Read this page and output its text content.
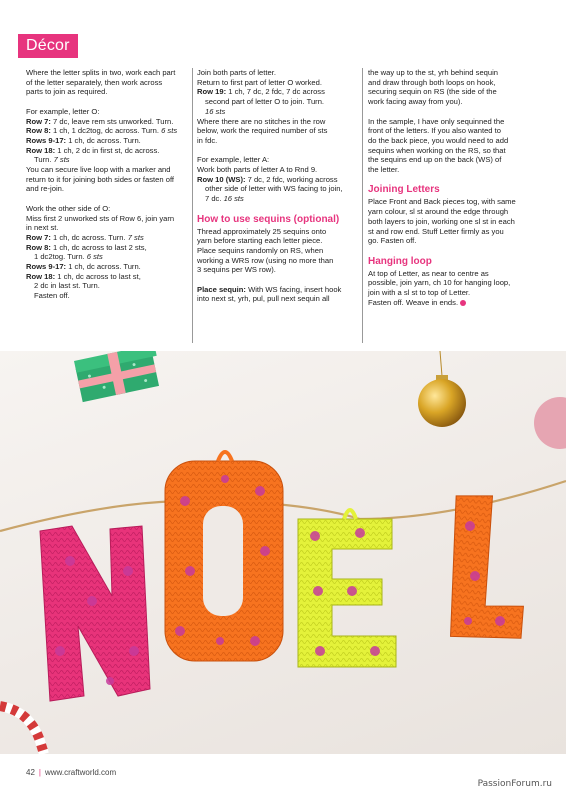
Décor
Where the letter splits in two, work each part
of the letter separately, then work across
parts to join as required.
For example, letter O:
Row 7: 7 dc, leave rem sts unworked. Turn.
Row 8: 1 ch, 1 dc2tog, dc across. Turn. 6 sts
Rows 9-17: 1 ch, dc across. Turn.
Row 18: 1 ch, 2 dc in first st, dc across.
Turn. 7 sts
You can secure live loop with a marker and
return to it for joining both sides or fasten off
and re-join.
Work the other side of O:
Miss first 2 unworked sts of Row 6, join yarn
in next st.
Row 7: 1 ch, dc across. Turn. 7 sts
Row 8: 1 ch, dc across to last 2 sts,
1 dc2tog. Turn. 6 sts
Rows 9-17: 1 ch, dc across. Turn.
Row 18: 1 ch, dc across to last st,
2 dc in last st. Turn.
Fasten off.
Join both parts of letter.
Return to first part of letter O worked.
Row 19: 1 ch, 7 dc, 2 fdc, 7 dc across
second part of letter O to join. Turn.
16 sts
Where there are no stitches in the row
below, work the required number of sts
in fdc.
For example, letter A:
Work both parts of letter A to Rnd 9.
Row 10 (WS): 7 dc, 2 fdc, working across
other side of letter with WS facing to join,
7 dc. 16 sts
How to use sequins (optional)
Thread approximately 25 sequins onto
yarn before starting each letter piece.
Place sequins randomly on RS, when
working a WRS row (using no more than
3 sequins per WS row).
Place sequin: With WS facing, insert hook
into next st, yrh, pul, pull next sequin all
the way up to the st, yrh behind sequin
and draw through both loops on hook,
securing sequin on RS (the side of the
work facing away from you).
In the sample, I have only sequinned the
front of the letters. If you also wanted to
do the back piece, you would need to add
sequins when working on the RS, so that
the sequins end up on the back (WS) of
the letter.
Joining Letters
Place Front and Back pieces tog, with same
yarn colour, sl st around the edge through
both layers to join, working one sl st in each
st and row end. Stuff Letter firmly as you
go. Fasten off.
Hanging loop
At top of Letter, as near to centre as
possible, join yarn, ch 10 for hanging loop,
join with a sl st to top of Letter.
Fasten off. Weave in ends.
42 | www.craftworld.com
PassionForum.ru
